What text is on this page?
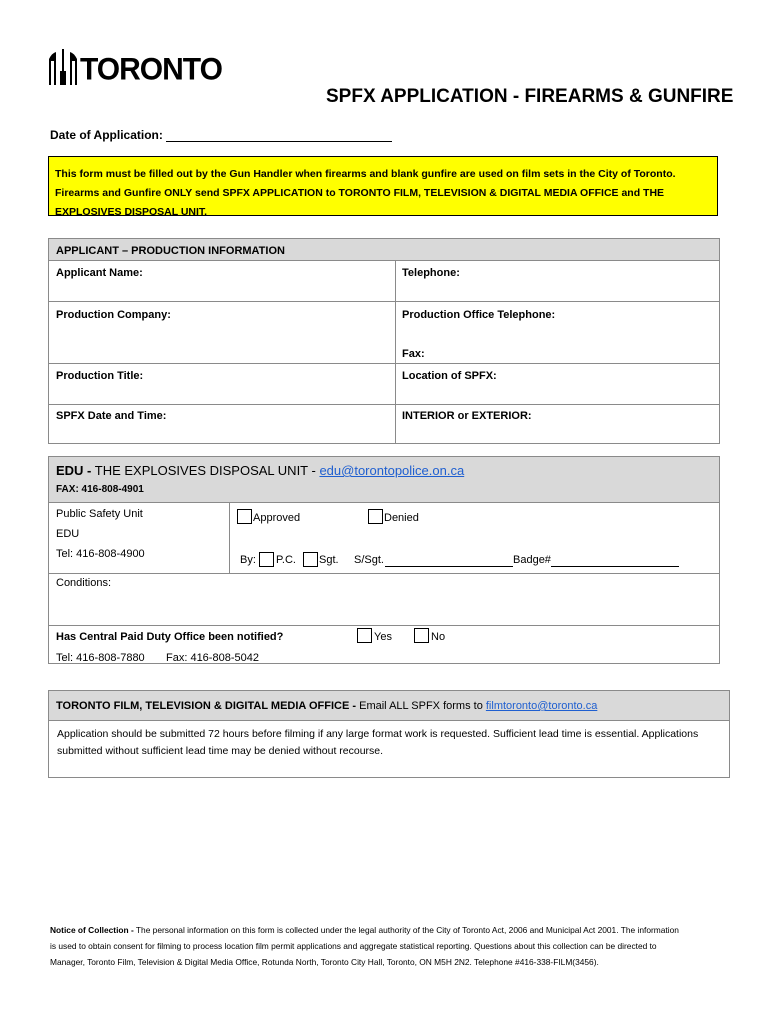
TORONTO
SPFX APPLICATION - FIREARMS & GUNFIRE
Date of Application:
This form must be filled out by the Gun Handler when firearms and blank gunfire are used on film sets in the City of Toronto.
Firearms and Gunfire ONLY send SPFX APPLICATION to TORONTO FILM, TELEVISION & DIGITAL MEDIA OFFICE and THE
EXPLOSIVES DISPOSAL UNIT.
APPLICANT – PRODUCTION INFORMATION
Applicant Name:	Telephone:
Production Company:	Production Office Telephone:
Fax:
Production Title:	Location of SPFX:
SPFX Date and Time:	INTERIOR or EXTERIOR:
EDU - THE EXPLOSIVES DISPOSAL UNIT - edu@torontopolice.on.ca
FAX: 416-808-4901
Public Safety Unit
EDU
Tel: 416-808-4900
Approved	Denied
By: P.C. Sgt. S/Sgt.	Badge#
Conditions:
Has Central Paid Duty Office been notified?	Yes	No
Tel: 416-808-7880 Fax: 416-808-5042
TORONTO FILM, TELEVISION & DIGITAL MEDIA OFFICE - Email ALL SPFX forms to filmtoronto@toronto.ca
Application should be submitted 72 hours before filming if any large format work is requested. Sufficient lead time is essential. Applications
submitted without sufficient lead time may be denied without recourse.
Notice of Collection - The personal information on this form is collected under the legal authority of the City of Toronto Act, 2006 and Municipal Act 2001. The information
is used to obtain consent for filming to process location film permit applications and aggregate statistical reporting. Questions about this collection can be directed to
Manager, Toronto Film, Television & Digital Media Office, Rotunda North, Toronto City Hall, Toronto, ON M5H 2N2. Telephone #416-338-FILM(3456).
